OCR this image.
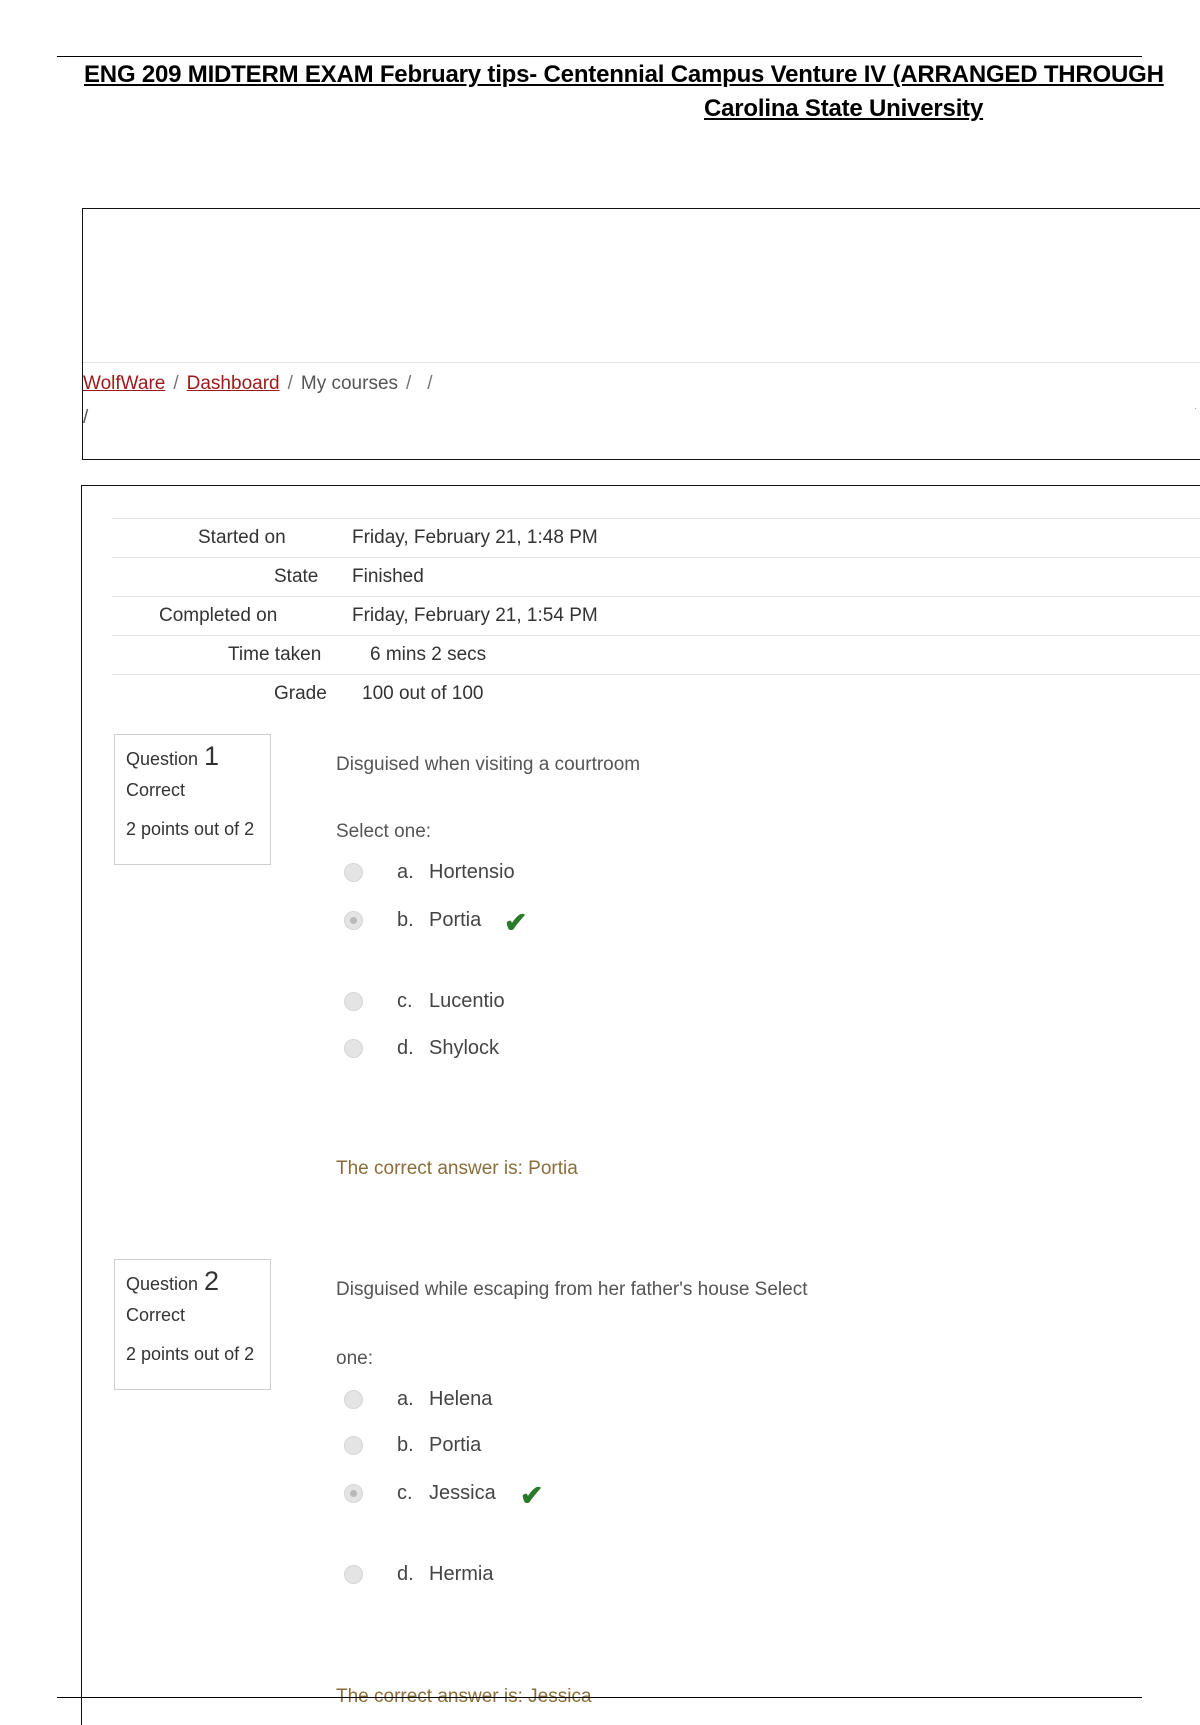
ENG 209 MIDTERM EXAM February tips- Centennial Campus Venture IV (ARRANGED THROUGH
Carolina State University
WolfWare / Dashboard / My courses / /
/
.
Started on	Friday, February 21, 1:48 PM
State Finished
Completed on	Friday, February 21, 1:54 PM
Time taken	6 mins 2 secs
Grade 100 out of 100
Question 1
Correct
2 points out of 2
Disguised when visiting a courtroom
Select one:
a. Hortensio
b. Portia ✔
c. Lucentio
d. Shylock
The correct answer is: Portia
Question 2
Correct
2 points out of 2
Disguised while escaping from her father's house Select
one:
a. Helena
b. Portia
c. Jessica ✔
d. Hermia
The correct answer is: Jessica
